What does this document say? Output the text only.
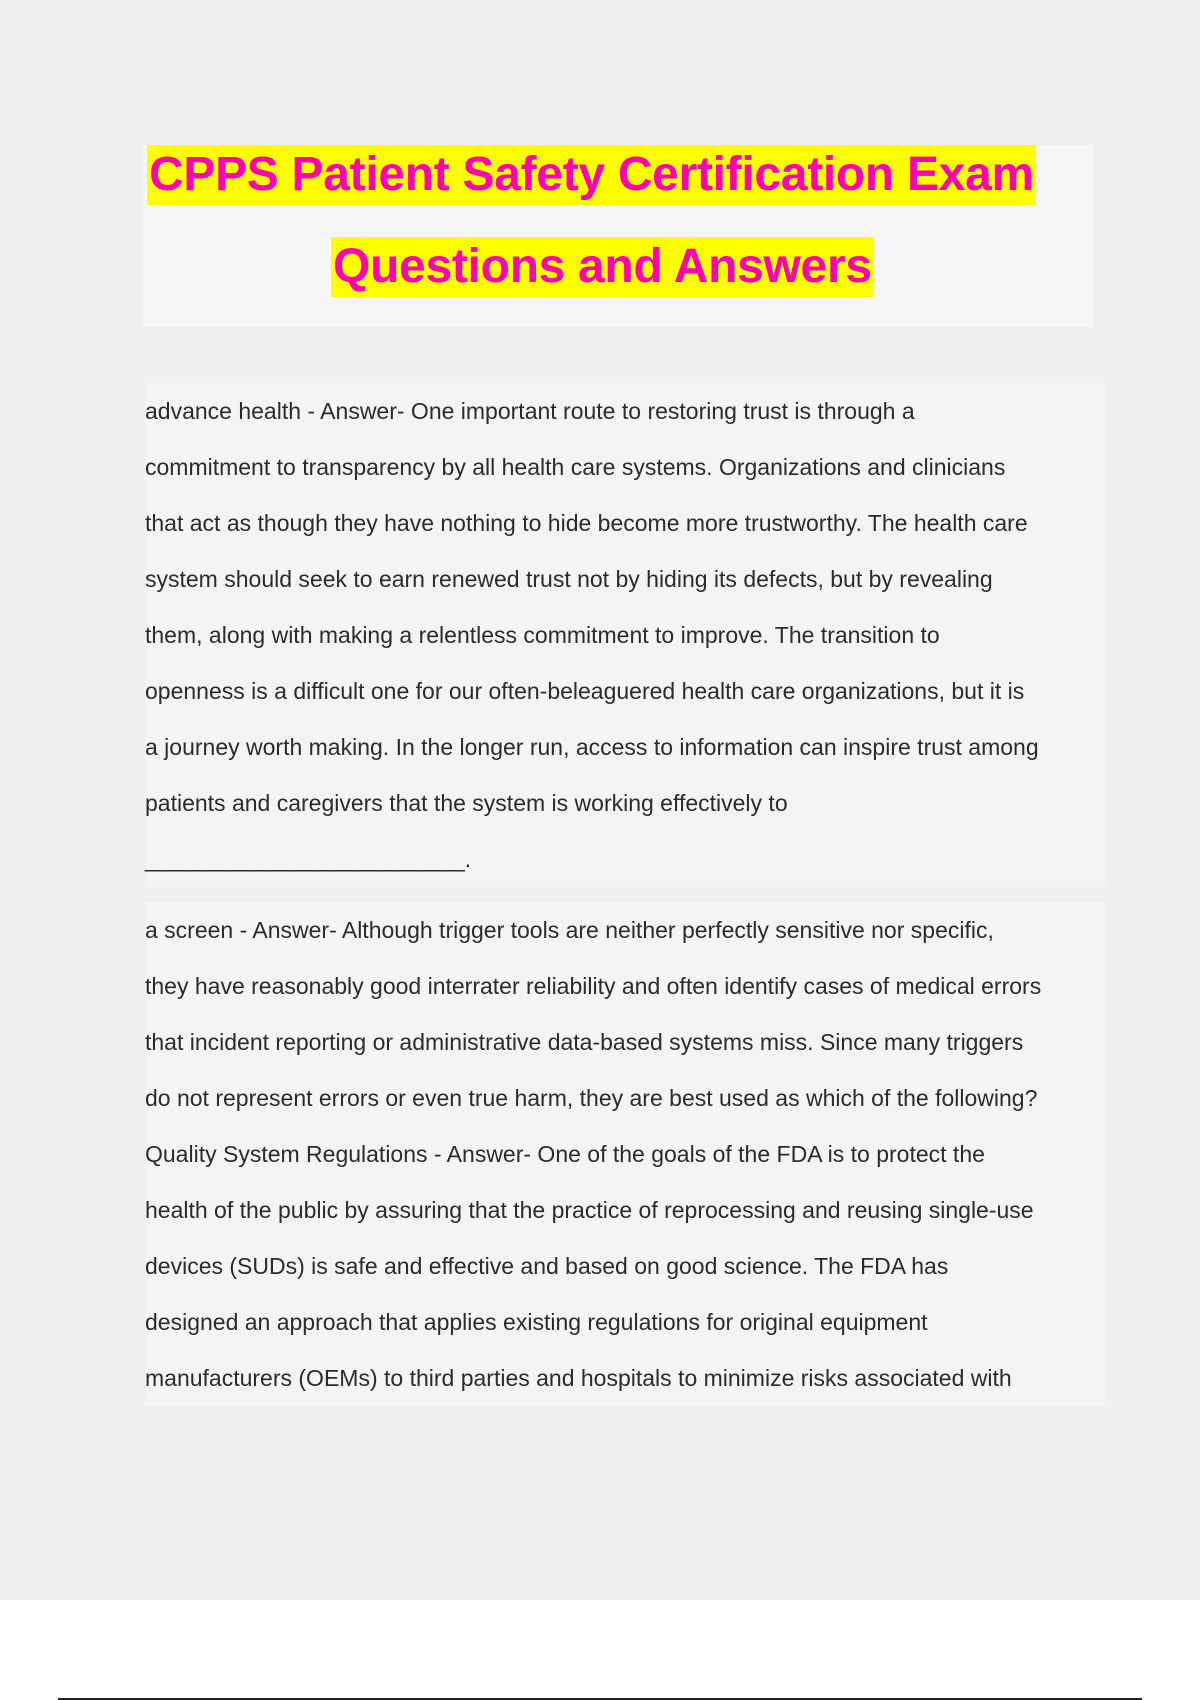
CPPS Patient Safety Certification Exam
Questions and Answers
advance health - Answer- One important route to restoring trust is through a
commitment to transparency by all health care systems. Organizations and clinicians
that act as though they have nothing to hide become more trustworthy. The health care
system should seek to earn renewed trust not by hiding its defects, but by revealing
them, along with making a relentless commitment to improve. The transition to
openness is a difficult one for our often-beleaguered health care organizations, but it is
a journey worth making. In the longer run, access to information can inspire trust among
patients and caregivers that the system is working effectively to
_________________________.
a screen - Answer- Although trigger tools are neither perfectly sensitive nor specific,
they have reasonably good interrater reliability and often identify cases of medical errors
that incident reporting or administrative data-based systems miss. Since many triggers
do not represent errors or even true harm, they are best used as which of the following?
Quality System Regulations - Answer- One of the goals of the FDA is to protect the
health of the public by assuring that the practice of reprocessing and reusing single-use
devices (SUDs) is safe and effective and based on good science. The FDA has
designed an approach that applies existing regulations for original equipment
manufacturers (OEMs) to third parties and hospitals to minimize risks associated with
